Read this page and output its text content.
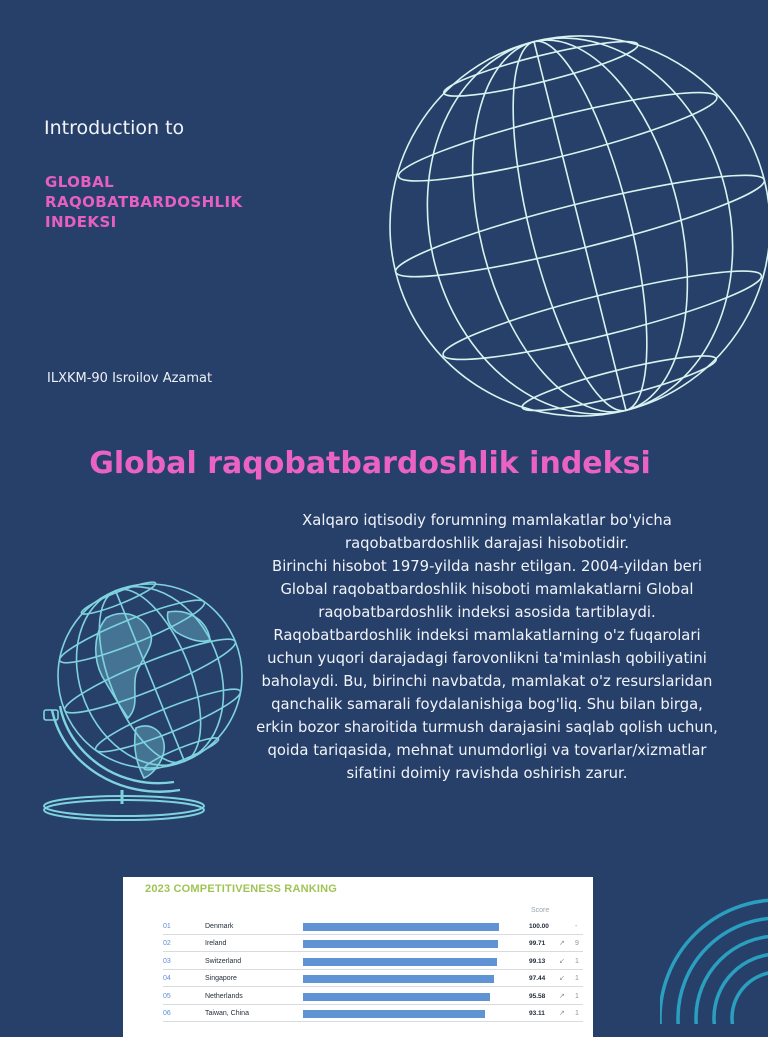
Introduction to
GLOBAL
RAQOBATBARDOSHLIK
INDEKSI
ILXKM-90 Isroilov Azamat
Global raqobatbardoshlik indeksi

Xalqaro iqtisodiy forumning mamlakatlar bo'yicha raqobatbardoshlik darajasi hisobotidir.

Birinchi hisobot 1979-yilda nashr etilgan. 2004-yildan beri Global raqobatbardoshlik hisoboti mamlakatlarni Global raqobatbardoshlik indeksi asosida tartiblaydi. Raqobatbardoshlik indeksi mamlakatlarning o'z fuqarolari uchun yuqori darajadagi farovonlikni ta'minlash qobiliyatini baholaydi. Bu, birinchi navbatda, mamlakat o'z resurslaridan qanchalik samarali foydalanishiga bog'liq. Shu bilan birga, erkin bozor sharoitida turmush darajasini saqlab qolish uchun, qoida tariqasida, mehnat unumdorligi va tovarlar/xizmatlar sifatini doimiy ravishda oshirish zarur.

2023 COMPETITIVENESS RANKING
Score
01	Denmark	100.00	-
02	Ireland	99.71 ↗ 9
03	Switzerland	99.13 ↙ 1
04	Singapore	97.44 ↙ 1
05	Netherlands	95.58 ↗ 1
06	Taiwan, China	93.11 ↗ 1
